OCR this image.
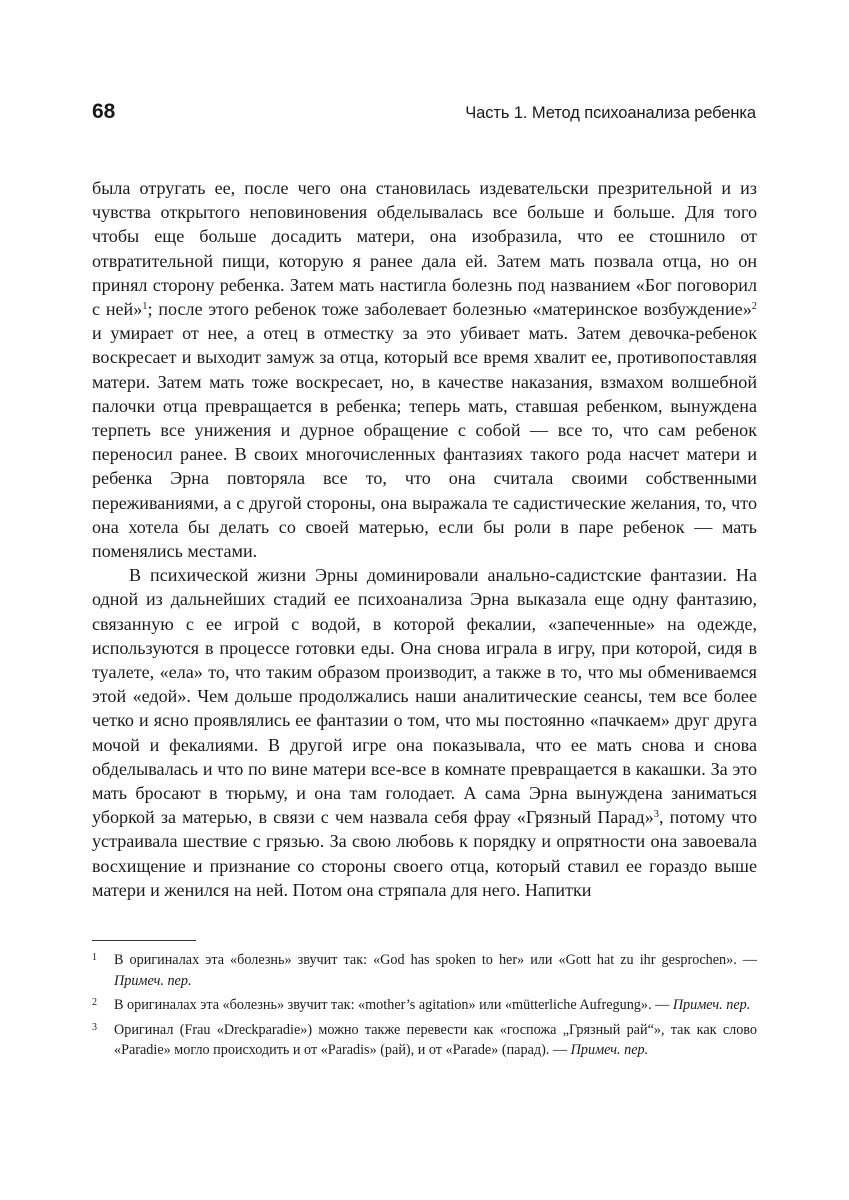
68	Часть 1. Метод психоанализа ребенка

была отругать ее, после чего она становилась издевательски презрительной и из чувства открытого неповиновения обделывалась все больше и больше. Для того чтобы еще больше досадить матери, она изобразила, что ее стошнило от отвратительной пищи, которую я ранее дала ей. Затем мать позвала отца, но он принял сторону ребенка. Затем мать настигла болезнь под названием «Бог поговорил с ней»$^1$; после этого ребенок тоже заболевает болезнью «материнское возбуждение»$^2$ и умирает от нее, а отец в отместку за это убивает мать. Затем девочка-ребенок воскресает и выходит замуж за отца, который все время хвалит ее, противопоставляя матери. Затем мать тоже воскресает, но, в качестве наказания, взмахом волшебной палочки отца превращается в ребенка; теперь мать, ставшая ребенком, вынуждена терпеть все унижения и дурное обращение с собой — все то, что сам ребенок переносил ранее. В своих многочисленных фантазиях такого рода насчет матери и ребенка Эрна повторяла все то, что она считала своими собственными переживаниями, а с другой стороны, она выражала те садистические желания, то, что она хотела бы делать со своей матерью, если бы роли в паре ребенок — мать поменялись местами.

В психической жизни Эрны доминировали анально-садистские фантазии. На одной из дальнейших стадий ее психоанализа Эрна выказала еще одну фантазию, связанную с ее игрой с водой, в которой фекалии, «запеченные» на одежде, используются в процессе готовки еды. Она снова играла в игру, при которой, сидя в туалете, «ела» то, что таким образом производит, а также в то, что мы обмениваемся этой «едой». Чем дольше продолжались наши аналитические сеансы, тем все более четко и ясно проявлялись ее фантазии о том, что мы постоянно «пачкаем» друг друга мочой и фекалиями. В другой игре она показывала, что ее мать снова и снова обделывалась и что по вине матери все-все в комнате превращается в какашки. За это мать бросают в тюрьму, и она там голодает. А сама Эрна вынуждена заниматься уборкой за матерью, в связи с чем назвала себя фрау «Грязный Парад»$^3$, потому что устраивала шествие с грязью. За свою любовь к порядку и опрятности она завоевала восхищение и признание со стороны своего отца, который ставил ее гораздо выше матери и женился на ней. Потом она стряпала для него. Напитки

1 В оригиналах эта «болезнь» звучит так: «God has spoken to her» или «Gott hat zu ihr gesprochen». — Примеч. пер.
2 В оригиналах эта «болезнь» звучит так: «mother’s agitation» или «mütterliche Aufregung». — Примеч. пер.
3 Оригинал (Frau «Dreckparadie») можно также перевести как «госпожа „Грязный рай“», так как слово «Paradie» могло происходить и от «Paradis» (рай), и от «Parade» (парад). — Примеч. пер.
